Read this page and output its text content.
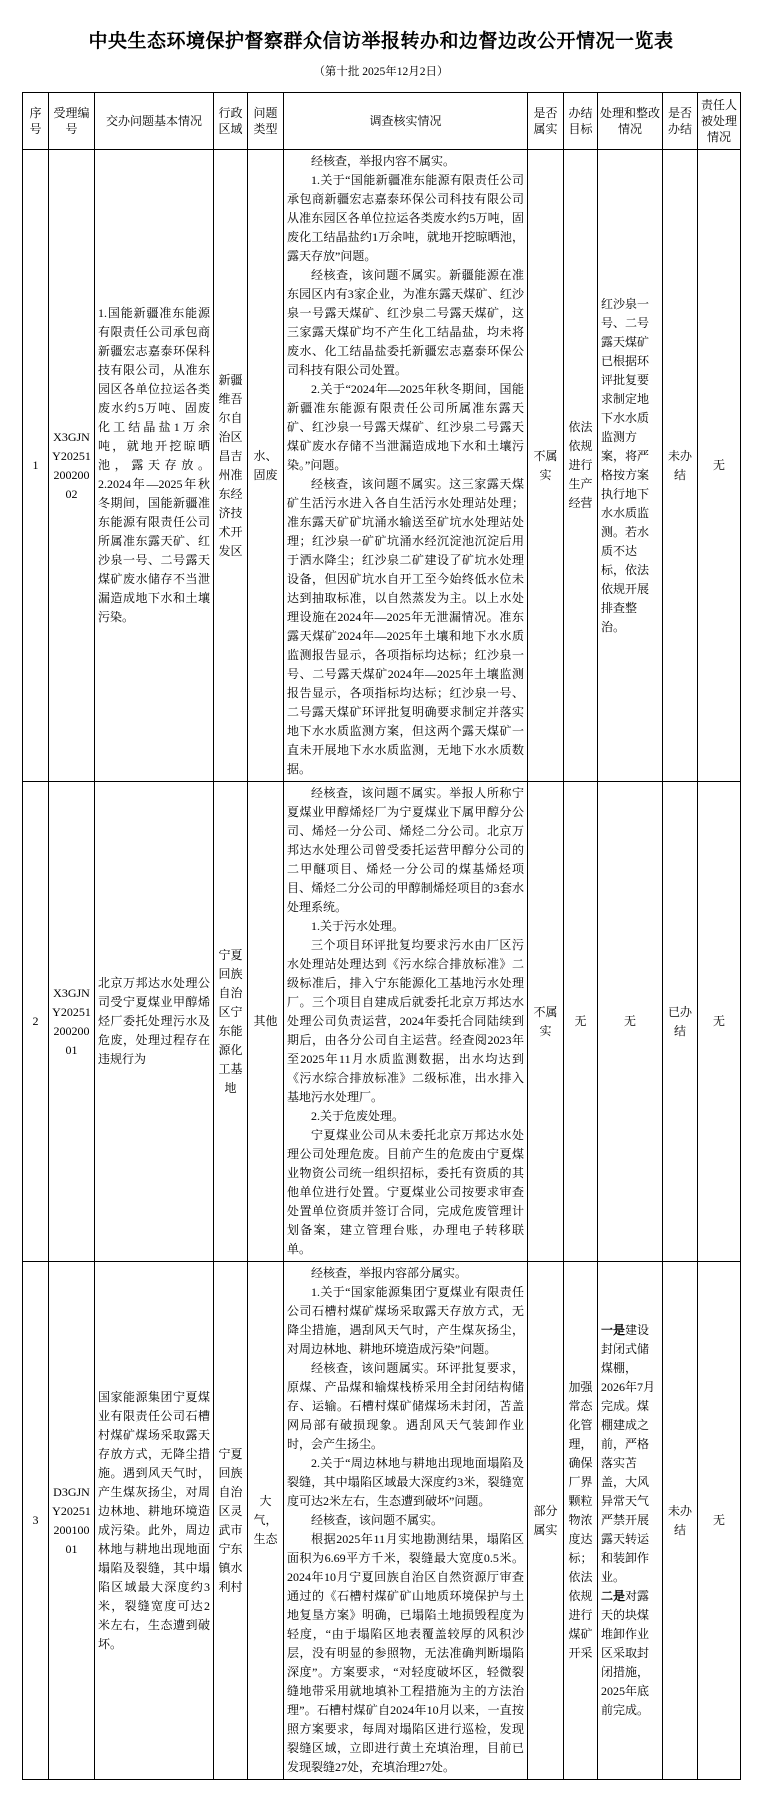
中央生态环境保护督察群众信访举报转办和边督边改公开情况一览表

（第十批 2025年12月2日）

序号	受理编号	交办问题基本情况	行政区域	问题类型	调查核实情况	是否属实	办结目标	处理和整改情况	是否办结	责任人被处理情况
1	X3GJNY2025120020002	1.国能新疆准东能源有限责任公司承包商新疆宏志嘉泰环保科技有限公司，从准东园区各单位拉运各类废水约5万吨、固废化工结晶盐1万余吨，就地开挖晾晒池，露天存放。2.2024年—2025年秋冬期间，国能新疆准东能源有限责任公司所属准东露天矿、红沙泉一号、二号露天煤矿废水储存不当泄漏造成地下水和土壤污染。	新疆维吾尔自治区昌吉州准东经济技术开发区	水、固废	经核查，举报内容不属实。

1.关于“国能新疆准东能源有限责任公司承包商新疆宏志嘉泰环保公司科技有限公司从准东园区各单位拉运各类废水约5万吨，固废化工结晶盐约1万余吨，就地开挖晾晒池，露天存放”问题。

经核查，该问题不属实。新疆能源在准东园区内有3家企业，为准东露天煤矿、红沙泉一号露天煤矿、红沙泉二号露天煤矿，这三家露天煤矿均不产生化工结晶盐，均未将废水、化工结晶盐委托新疆宏志嘉泰环保公司科技有限公司处置。

2.关于“2024年—2025年秋冬期间，国能新疆准东能源有限责任公司所属准东露天矿、红沙泉一号露天煤矿、红沙泉二号露天煤矿废水存储不当泄漏造成地下水和土壤污染。”问题。

经核查，该问题不属实。这三家露天煤矿生活污水进入各自生活污水处理站处理；准东露天矿矿坑涌水输送至矿坑水处理站处理；红沙泉一矿矿坑涌水经沉淀池沉淀后用于洒水降尘；红沙泉二矿建设了矿坑水处理设备，但因矿坑水自开工至今始终低水位未达到抽取标准，以自然蒸发为主。以上水处理设施在2024年—2025年无泄漏情况。准东露天煤矿2024年—2025年土壤和地下水水质监测报告显示，各项指标均达标；红沙泉一号、二号露天煤矿2024年—2025年土壤监测报告显示，各项指标均达标；红沙泉一号、二号露天煤矿环评批复明确要求制定并落实地下水水质监测方案，但这两个露天煤矿一直未开展地下水水质监测，无地下水水质数据。	不属实	依法依规进行生产经营	红沙泉一号、二号露天煤矿已根据环评批复要求制定地下水水质监测方案，将严格按方案执行地下水水质监测。若水质不达标，依法依规开展排查整治。	未办结	无
2	X3GJNY2025120020001	北京万邦达水处理公司受宁夏煤业甲醇烯烃厂委托处理污水及危废，处理过程存在违规行为	宁夏回族自治区宁东能源化工基地	其他	经核查，该问题不属实。举报人所称宁夏煤业甲醇烯烃厂为宁夏煤业下属甲醇分公司、烯烃一分公司、烯烃二分公司。北京万邦达水处理公司曾受委托运营甲醇分公司的二甲醚项目、烯烃一分公司的煤基烯烃项目、烯烃二分公司的甲醇制烯烃项目的3套水处理系统。

1.关于污水处理。

三个项目环评批复均要求污水由厂区污水处理站处理达到《污水综合排放标准》二级标准后，排入宁东能源化工基地污水处理厂。三个项目自建成后就委托北京万邦达水处理公司负责运营，2024年委托合同陆续到期后，由各分公司自主运营。经查阅2023年至2025年11月水质监测数据，出水均达到《污水综合排放标准》二级标准，出水排入基地污水处理厂。

2.关于危废处理。

宁夏煤业公司从未委托北京万邦达水处理公司处理危废。目前产生的危废由宁夏煤业物资公司统一组织招标，委托有资质的其他单位进行处置。宁夏煤业公司按要求审查处置单位资质并签订合同，完成危废管理计划备案，建立管理台账，办理电子转移联单。	不属实	无	无	已办结	无
3	D3GJNY2025120010001	国家能源集团宁夏煤业有限责任公司石槽村煤矿煤场采取露天存放方式，无降尘措施。遇到风天气时，产生煤灰扬尘，对周边林地、耕地环境造成污染。此外，周边林地与耕地出现地面塌陷及裂缝，其中塌陷区域最大深度约3米，裂缝宽度可达2米左右，生态遭到破坏。	宁夏回族自治区灵武市宁东镇水利村	大气，生态	

经核查，举报内容部分属实。

1.关于“国家能源集团宁夏煤业有限责任公司石槽村煤矿煤场采取露天存放方式，无降尘措施，遇刮风天气时，产生煤灰扬尘，对周边林地、耕地环境造成污染”问题。

经核查，该问题属实。环评批复要求，原煤、产品煤和输煤栈桥采用全封闭结构储存、运输。石槽村煤矿储煤场未封闭，苫盖网局部有破损现象。遇刮风天气装卸作业时，会产生扬尘。

2.关于“周边林地与耕地出现地面塌陷及裂缝，其中塌陷区域最大深度约3米，裂缝宽度可达2米左右，生态遭到破坏”问题。

经核查，该问题不属实。

根据2025年11月实地勘测结果，塌陷区面积为6.69平方千米，裂缝最大宽度0.5米。2024年10月宁夏回族自治区自然资源厅审查通过的《石槽村煤矿矿山地质环境保护与土地复垦方案》明确，已塌陷土地损毁程度为轻度，“由于塌陷区地表覆盖较厚的风积沙层，没有明显的参照物，无法准确判断塌陷深度”。方案要求，“对轻度破坏区，轻微裂缝地带采用就地填补工程措施为主的方法治理”。石槽村煤矿自2024年10月以来，一直按照方案要求，每周对塌陷区进行巡检，发现裂缝区域，立即进行黄土充填治理，目前已发现裂缝27处，充填治理27处。

	部分属实	加强常态化管理，确保厂界颗粒物浓度达标；依法依规进行煤矿开采	

一是建设封闭式储煤棚，2026年7月完成。煤棚建成之前，严格落实苫盖，大风异常天气严禁开展露天转运和装卸作业。

二是对露天的块煤堆卸作业区采取封闭措施，2025年底前完成。

	未办结	无
